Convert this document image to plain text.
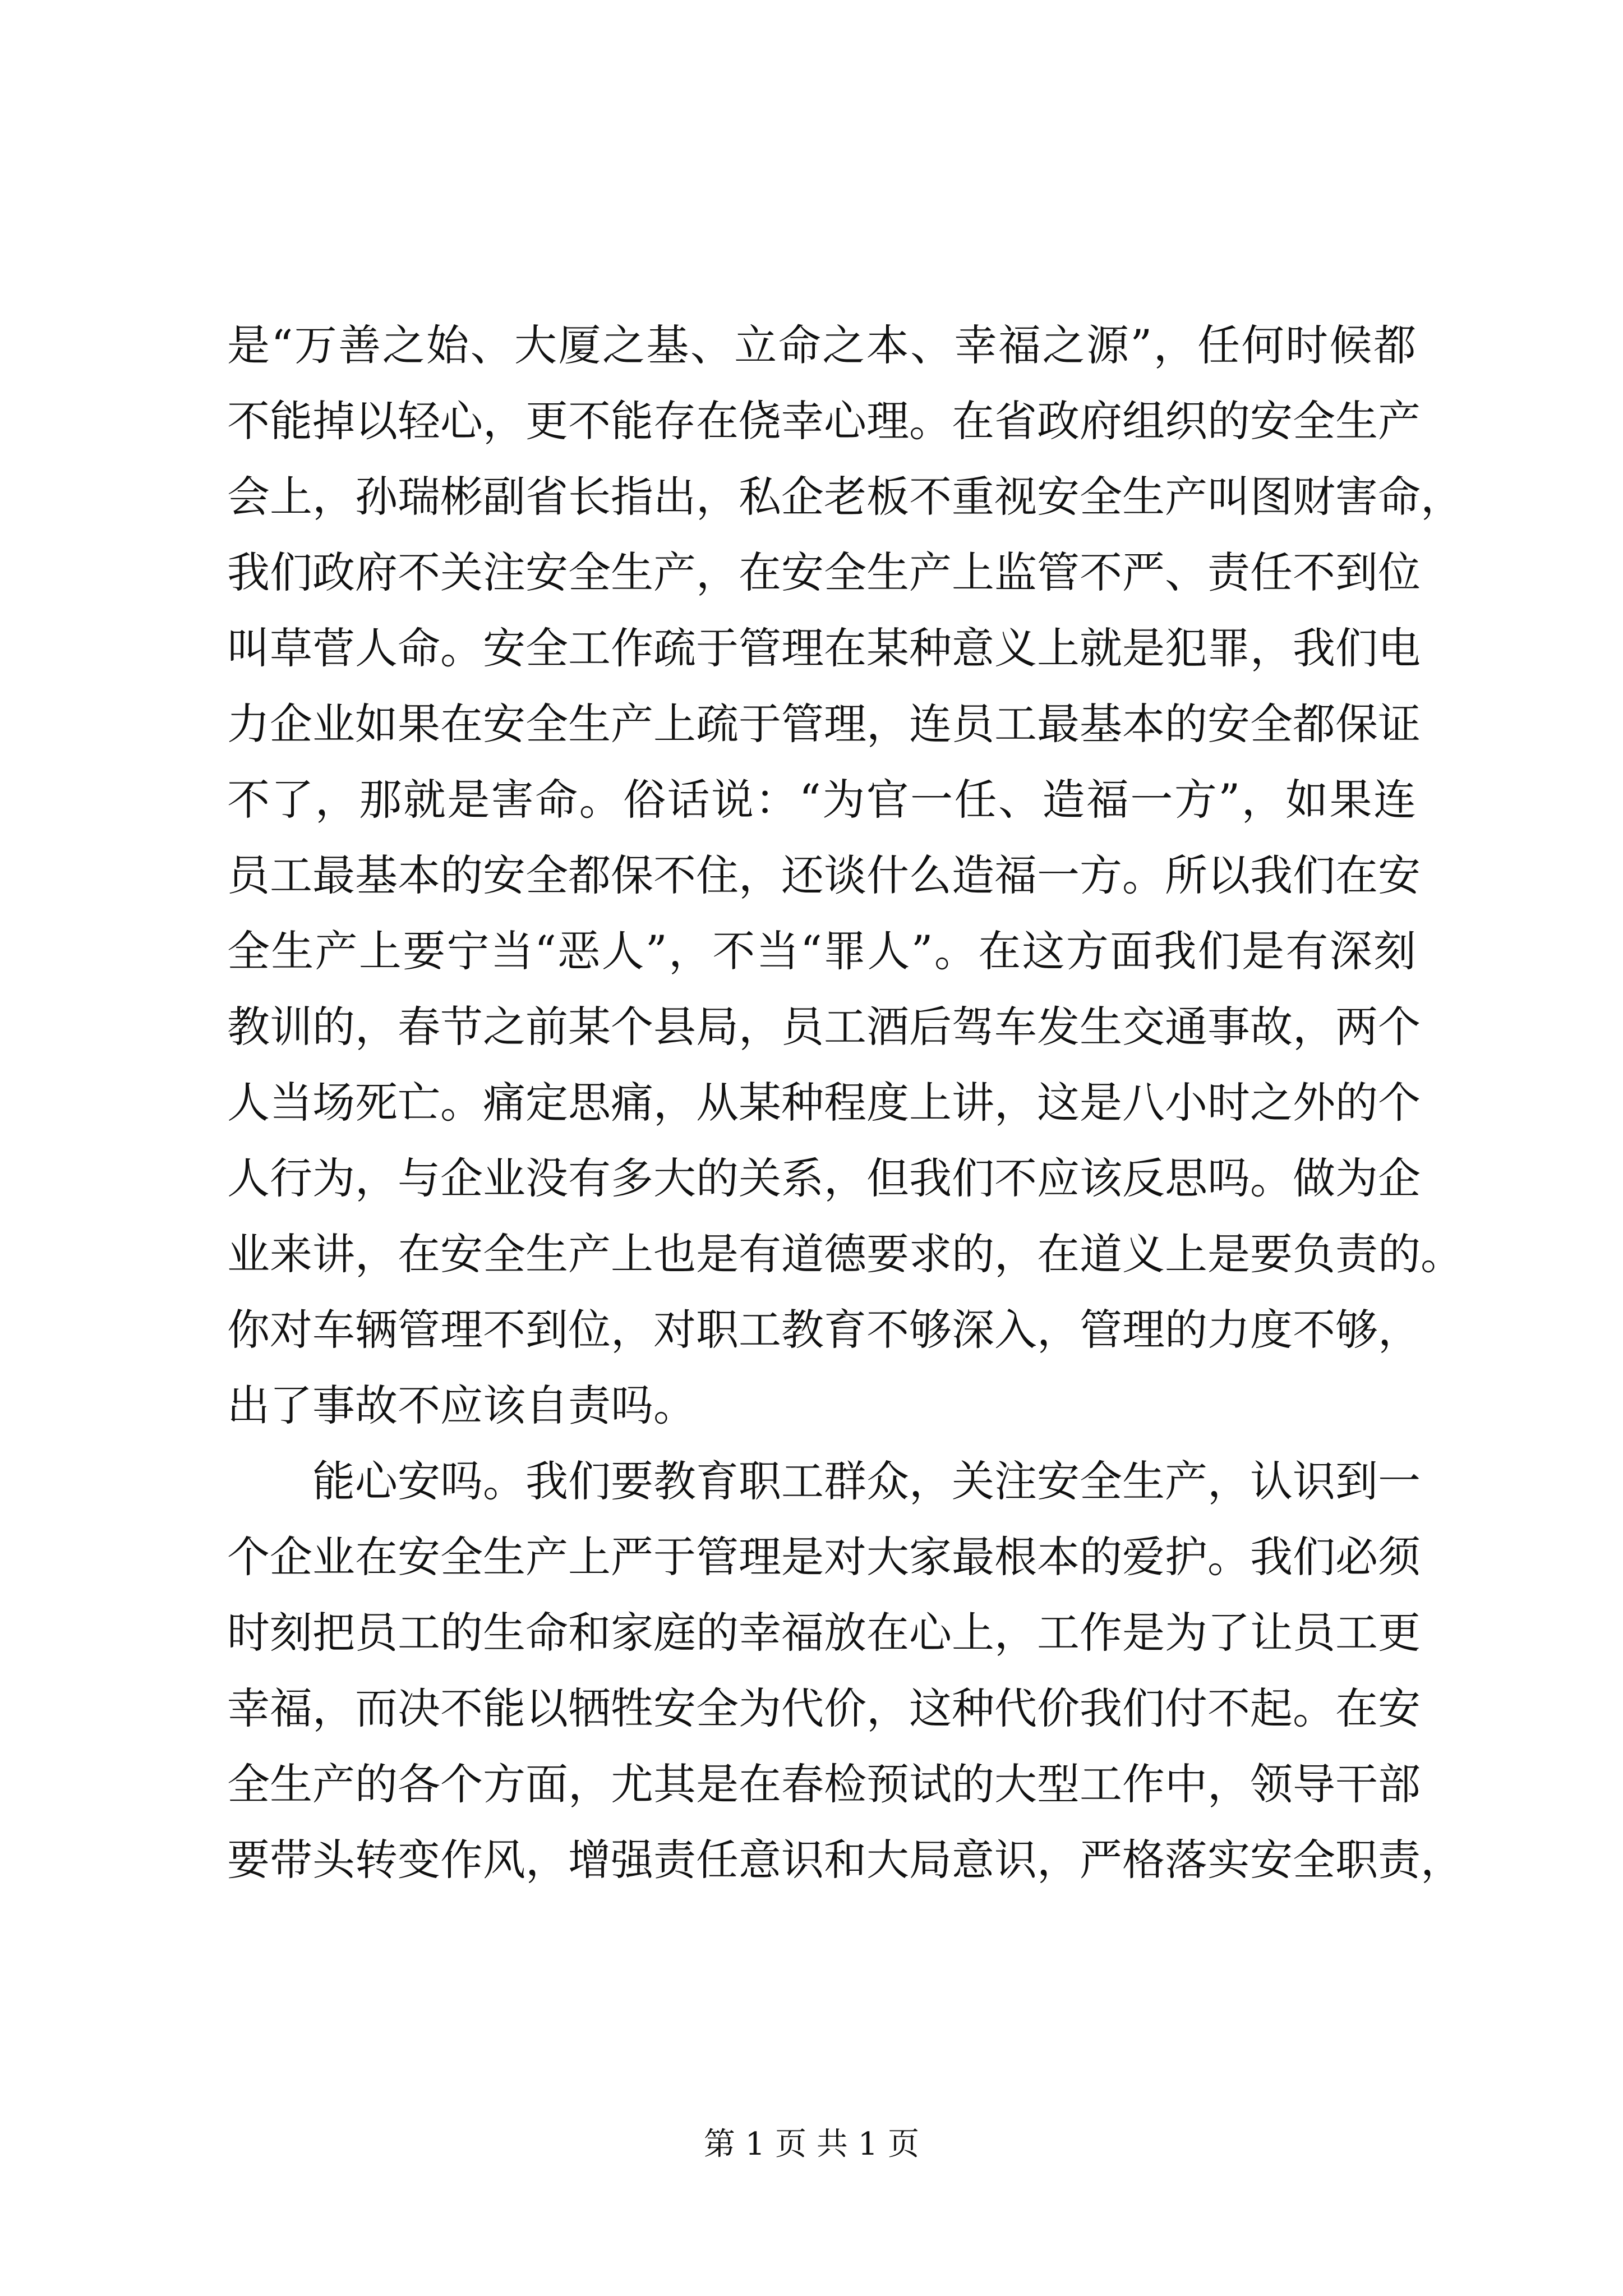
是“万善之始、大厦之基、立命之本、幸福之源”，任何时候都
不能掉以轻心，更不能存在侥幸心理。在省政府组织的安全生产
会上，孙瑞彬副省长指出，私企老板不重视安全生产叫图财害命，
我们政府不关注安全生产，在安全生产上监管不严、责任不到位
叫草菅人命。安全工作疏于管理在某种意义上就是犯罪，我们电
力企业如果在安全生产上疏于管理，连员工最基本的安全都保证
不了，那就是害命。俗话说：“为官一任、造福一方”，如果连
员工最基本的安全都保不住，还谈什么造福一方。所以我们在安
全生产上要宁当“恶人”，不当“罪人”。在这方面我们是有深刻
教训的，春节之前某个县局，员工酒后驾车发生交通事故，两个
人当场死亡。痛定思痛，从某种程度上讲，这是八小时之外的个
人行为，与企业没有多大的关系，但我们不应该反思吗。做为企
业来讲，在安全生产上也是有道德要求的，在道义上是要负责的。
你对车辆管理不到位，对职工教育不够深入，管理的力度不够，
出了事故不应该自责吗。
能心安吗。我们要教育职工群众，关注安全生产，认识到一
个企业在安全生产上严于管理是对大家最根本的爱护。我们必须
时刻把员工的生命和家庭的幸福放在心上，工作是为了让员工更
幸福，而决不能以牺牲安全为代价，这种代价我们付不起。在安
全生产的各个方面，尤其是在春检预试的大型工作中，领导干部
要带头转变作风，增强责任意识和大局意识，严格落实安全职责，
第 1 页 共 1 页
